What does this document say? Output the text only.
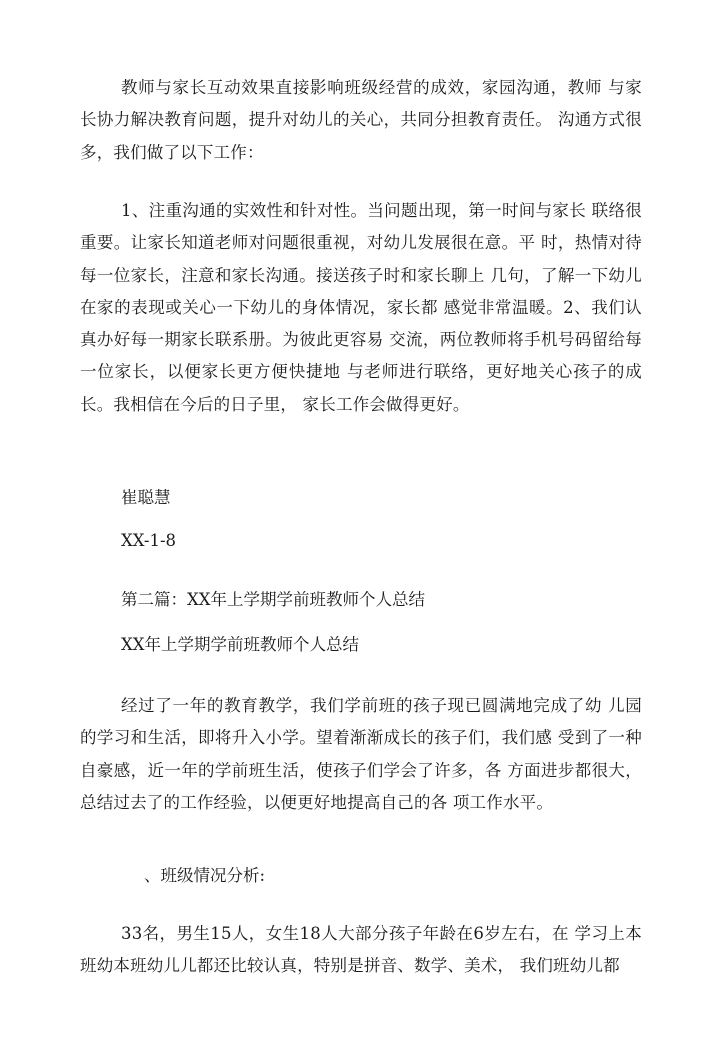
教师与家长互动效果直接影响班级经营的成效，家园沟通，教师 与家长协力解决教育问题，提升对幼儿的关心，共同分担教育责任。 沟通方式很多，我们做了以下工作：

1、注重沟通的实效性和针对性。当问题出现，第一时间与家长 联络很重要。让家长知道老师对问题很重视，对幼儿发展很在意。平 时，热情对待每一位家长，注意和家长沟通。接送孩子时和家长聊上 几句，了解一下幼儿在家的表现或关心一下幼儿的身体情况，家长都 感觉非常温暖。2、我们认真办好每一期家长联系册。为彼此更容易 交流，两位教师将手机号码留给每一位家长，以便家长更方便快捷地 与老师进行联络，更好地关心孩子的成长。我相信在今后的日子里， 家长工作会做得更好。

崔聪慧

XX-1-8

第二篇：XX年上学期学前班教师个人总结

XX年上学期学前班教师个人总结

经过了一年的教育教学，我们学前班的孩子现已圆满地完成了幼 儿园的学习和生活，即将升入小学。望着渐渐成长的孩子们，我们感 受到了一种自豪感，近一年的学前班生活，使孩子们学会了许多，各 方面进步都很大，总结过去了的工作经验，以便更好地提高自己的各 项工作水平。

、班级情况分析:

33名，男生15人，女生18人大部分孩子年龄在6岁左右，在 学习上本班幼本班幼儿儿都还比较认真，特别是拼音、数学、美术， 我们班幼儿都
